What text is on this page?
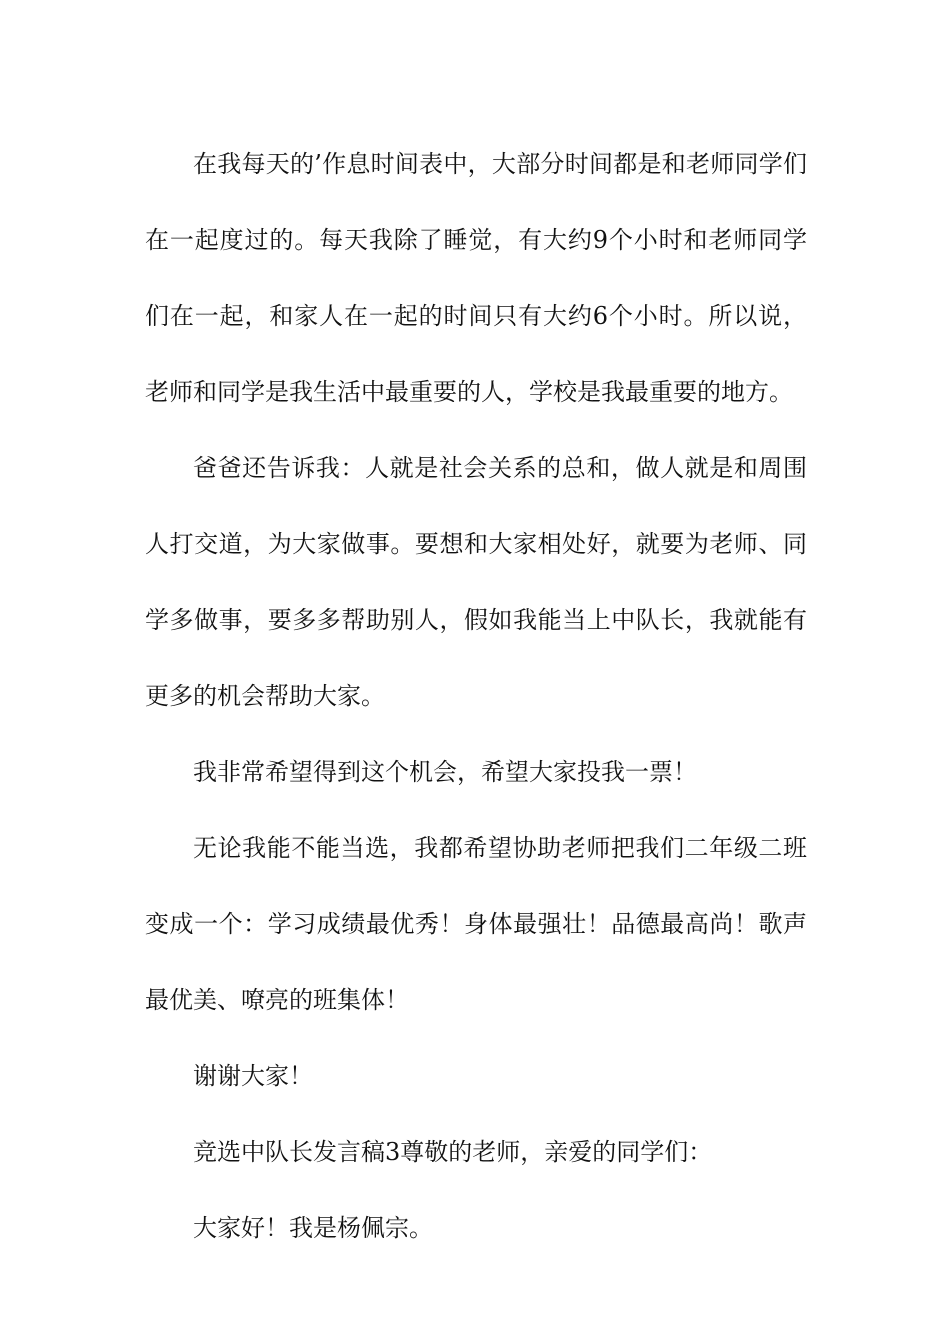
在我每天的’作息时间表中，大部分时间都是和老师同学们在一起度过的。每天我除了睡觉，有大约9个小时和老师同学们在一起，和家人在一起的时间只有大约6个小时。所以说，老师和同学是我生活中最重要的人，学校是我最重要的地方。

爸爸还告诉我：人就是社会关系的总和，做人就是和周围人打交道，为大家做事。要想和大家相处好，就要为老师、同学多做事，要多多帮助别人，假如我能当上中队长，我就能有更多的机会帮助大家。

我非常希望得到这个机会，希望大家投我一票！

无论我能不能当选，我都希望协助老师把我们二年级二班变成一个：学习成绩最优秀！身体最强壮！品德最高尚！歌声最优美、嘹亮的班集体！

谢谢大家！

竞选中队长发言稿3尊敬的老师，亲爱的同学们：

大家好！我是杨佩宗。
